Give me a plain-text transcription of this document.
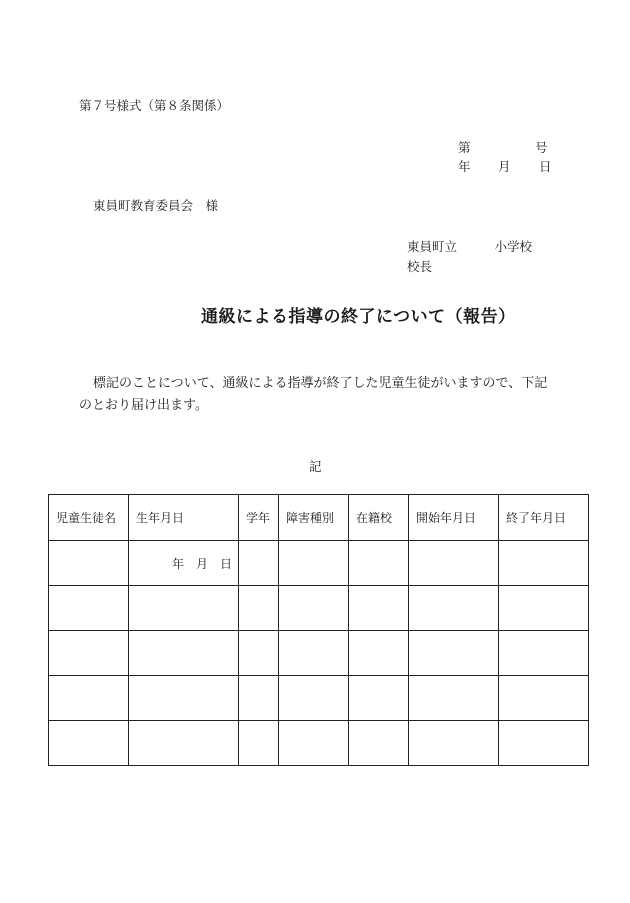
第７号様式（第８条関係）
第	号
年 月 日
東員町教育委員会　様
東員町立　　　小学校
校長
通級による指導の終了について（報告）
標記のことについて、通級による指導が終了した児童生徒がいますので、下記
のとおり届け出ます。
記
児童生徒名	生年月日	学年	障害種別	在籍校	開始年月日	終了年月日
	年　月　日					
